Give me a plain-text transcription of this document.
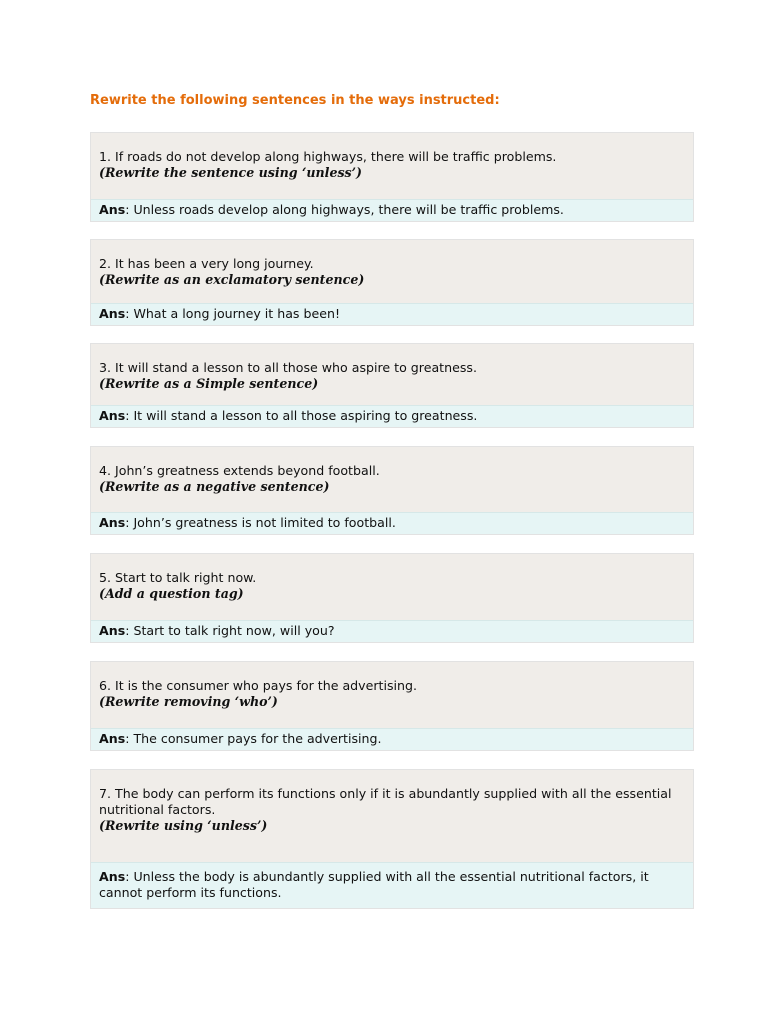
Rewrite the following sentences in the ways instructed:
1. If roads do not develop along highways, there will be traffic problems.
(Rewrite the sentence using ‘unless’)
Ans: Unless roads develop along highways, there will be traffic problems.
2. It has been a very long journey.
(Rewrite as an exclamatory sentence)
Ans: What a long journey it has been!
3. It will stand a lesson to all those who aspire to greatness.
(Rewrite as a Simple sentence)
Ans: It will stand a lesson to all those aspiring to greatness.
4. John’s greatness extends beyond football.
(Rewrite as a negative sentence)
Ans: John’s greatness is not limited to football.
5. Start to talk right now.
(Add a question tag)
Ans: Start to talk right now, will you?
6. It is the consumer who pays for the advertising.
(Rewrite removing ‘who’)
Ans: The consumer pays for the advertising.
7. The body can perform its functions only if it is abundantly supplied with all the essential nutritional factors.
(Rewrite using ‘unless’)
Ans: Unless the body is abundantly supplied with all the essential nutritional factors, it cannot perform its functions.
